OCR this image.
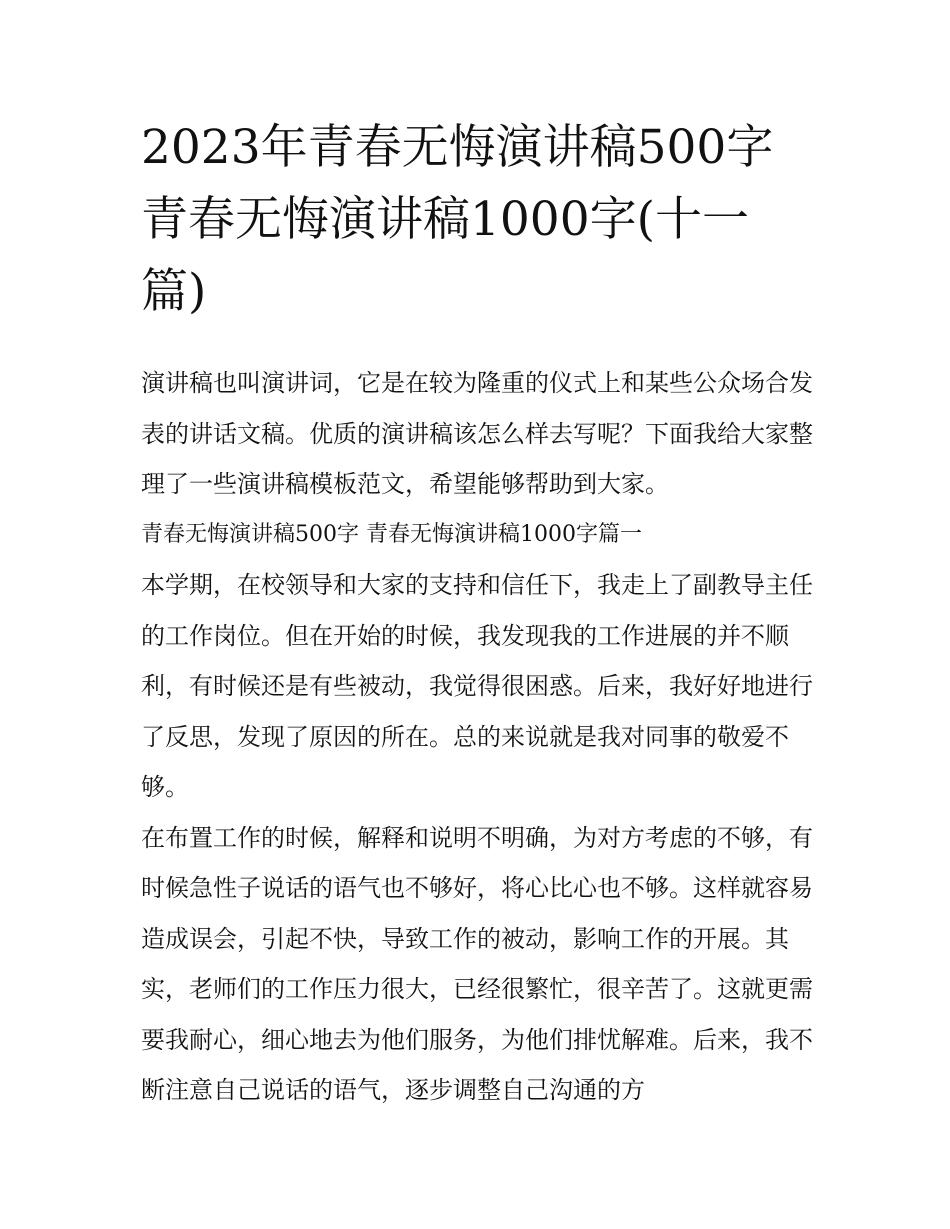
2023年青春无悔演讲稿500字 青春无悔演讲稿1000字(十一篇)

演讲稿也叫演讲词，它是在较为隆重的仪式上和某些公众场合发表的讲话文稿。优质的演讲稿该怎么样去写呢？下面我给大家整理了一些演讲稿模板范文，希望能够帮助到大家。

青春无悔演讲稿500字 青春无悔演讲稿1000字篇一

本学期，在校领导和大家的支持和信任下，我走上了副教导主任的工作岗位。但在开始的时候，我发现我的工作进展的并不顺利，有时候还是有些被动，我觉得很困惑。后来，我好好地进行了反思，发现了原因的所在。总的来说就是我对同事的敬爱不够。

在布置工作的时候，解释和说明不明确，为对方考虑的不够，有时候急性子说话的语气也不够好，将心比心也不够。这样就容易造成误会，引起不快，导致工作的被动，影响工作的开展。其实，老师们的工作压力很大，已经很繁忙，很辛苦了。这就更需要我耐心，细心地去为他们服务，为他们排忧解难。后来，我不断注意自己说话的语气，逐步调整自己沟通的方
